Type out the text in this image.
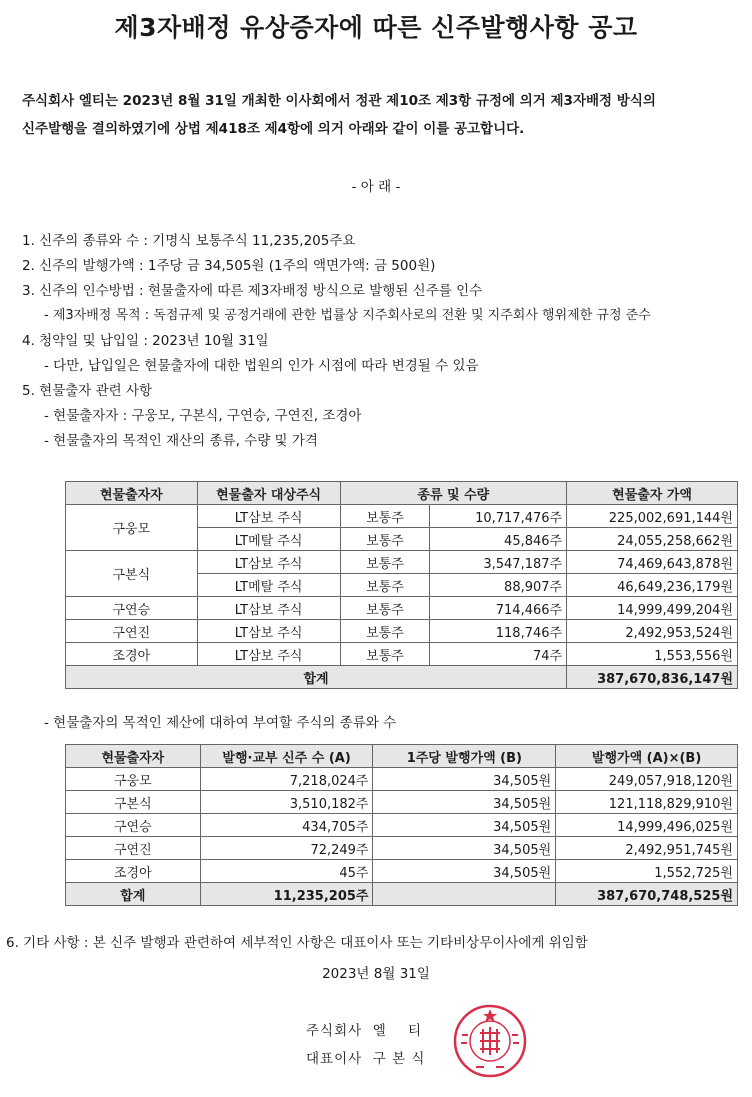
제3자배정 유상증자에 따른 신주발행사항 공고
주식회사 엘티는 2023년 8월 31일 개최한 이사회에서 정관 제10조 제3항 규정에 의거 제3자배정 방식의
신주발행을 결의하였기에 상법 제418조 제4항에 의거 아래와 같이 이를 공고합니다.
- 아 래 -
1. 신주의 종류와 수 : 기명식 보통주식 11,235,205주요
2. 신주의 발행가액 : 1주당 금 34,505원 (1주의 액면가액: 금 500원)
3. 신주의 인수방법 : 현물출자에 따른 제3자배정 방식으로 발행된 신주를 인수
- 제3자배정 목적 : 독점규제 및 공정거래에 관한 법률상 지주회사로의 전환 및 지주회사 행위제한 규정 준수
4. 청약일 및 납입일 : 2023년 10월 31일
- 다만, 납입일은 현물출자에 대한 법원의 인가 시점에 따라 변경될 수 있음
5. 현물출자 관련 사항
- 현물출자자 : 구웅모, 구본식, 구연승, 구연진, 조경아
- 현물출자의 목적인 재산의 종류, 수량 및 가격
현물출자자	현물출자 대상주식	종류 및 수량		현물출자 가액
구웅모	LT삼보 주식	보통주	10,717,476주	225,002,691,144원
	LT메탈 주식	보통주	45,846주	24,055,258,662원
구본식	LT삼보 주식	보통주	3,547,187주	74,469,643,878원
	LT메탈 주식	보통주	88,907주	46,649,236,179원
구연승	LT삼보 주식	보통주	714,466주	14,999,499,204원
구연진	LT삼보 주식	보통주	118,746주	2,492,953,524원
조경아	LT삼보 주식	보통주	74주	1,553,556원
합계				387,670,836,147원
- 현물출자의 목적인 제산에 대하여 부여할 주식의 종류와 수
현물출자자	발행·교부 신주 수 (A)	1주당 발행가액 (B)	발행가액 (A)×(B)
구웅모	7,218,024주	34,505원	249,057,918,120원
구본식	3,510,182주	34,505원	121,118,829,910원
구연승	434,705주	34,505원	14,999,496,025원
구연진	72,249주	34,505원	2,492,951,745원
조경아	45주	34,505원	1,552,725원
합계	11,235,205주		387,670,748,525원
6. 기타 사항 : 본 신주 발행과 관련하여 세부적인 사항은 대표이사 또는 기타비상무이사에게 위임함
2023년 8월 31일
주식회사  엘    티
대표이사  구 본 식
